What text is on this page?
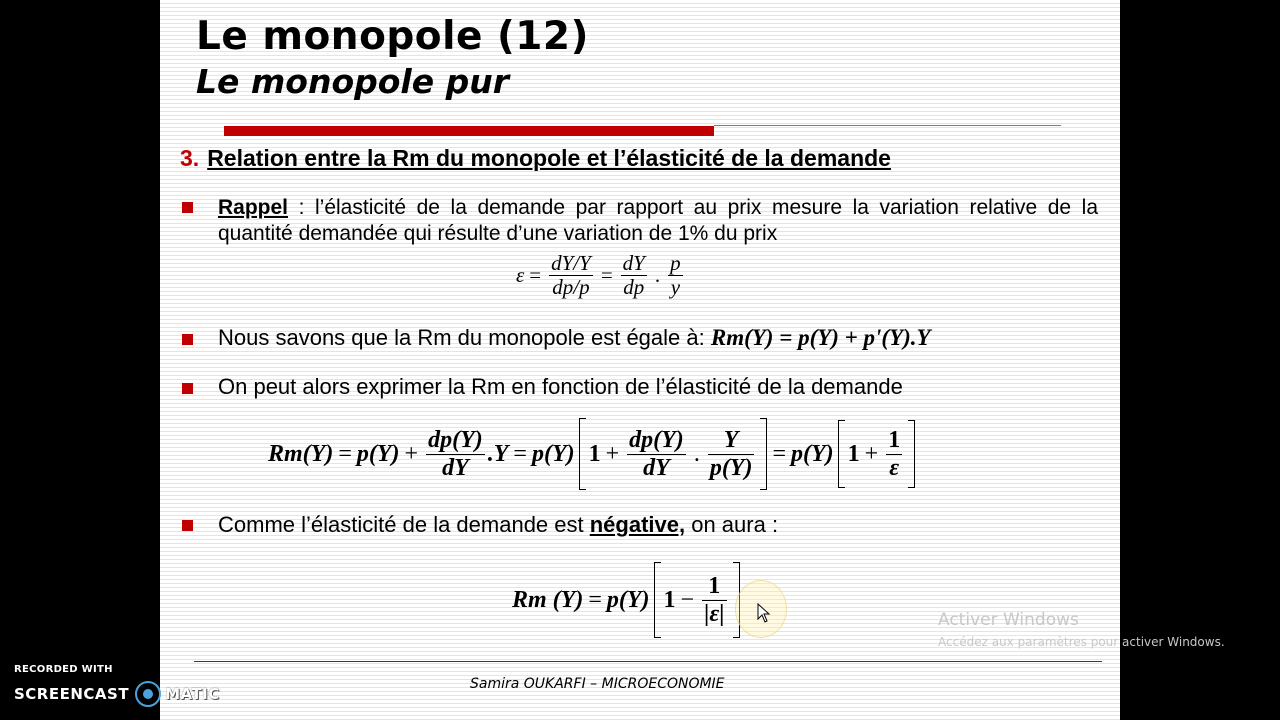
Le monopole (12)
Le monopole pur
3. Relation entre la Rm du monopole et l’élasticité de la demande
Rappel : l’élasticité de la demande par rapport au prix mesure la variation relative de la quantité demandée qui résulte d’une variation de 1% du prix
$\varepsilon = \frac{dY/Y}{dp/p} = \frac{dY}{dp}$ . $\frac{p}{y}$
Nous savons que la Rm du monopole est égale à: Rm(Y) = p(Y) + p'(Y).Y
On peut alors exprimer la Rm en fonction de l’élasticité de la demande
$Rm(Y) = p(Y) + \frac{dp(Y)}{dY} .Y = p(Y) 1 + \frac{dp(Y)}{dY}$ . $\frac{Y}{p(Y)} = p(Y) 1 + \frac{1}{\varepsilon}$
Comme l’élasticité de la demande est négative, on aura :
Rm (Y) = p(Y) $1 - \frac{1}{|\varepsilon|}$
Samira OUKARFI – MICROECONOMIE
Activer Windows
Accédez aux paramètres pour activer Windows.
RECORDED WITH
SCREENCAST MATIC
